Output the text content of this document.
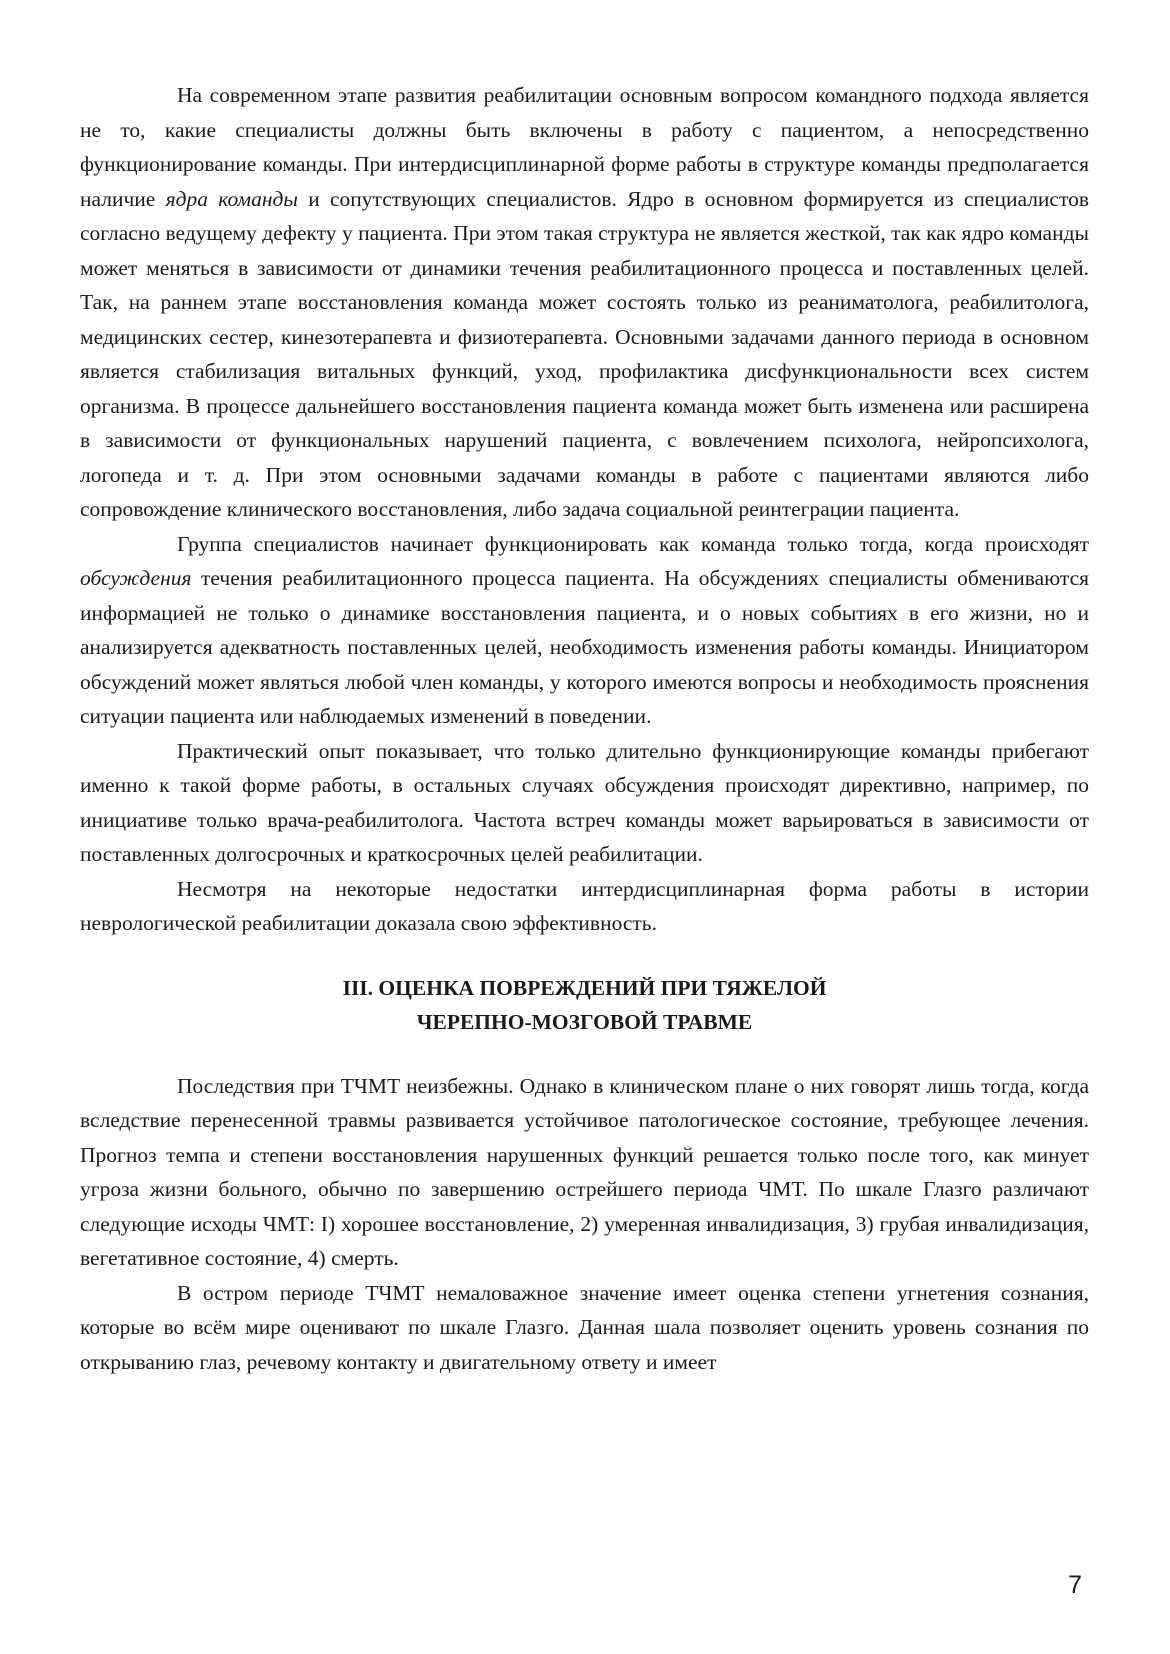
На современном этапе развития реабилитации основным вопросом командного подхода является не то, какие специалисты должны быть включены в работу с пациентом, а непосредственно функционирование команды. При интердисциплинарной форме работы в структуре команды предполагается наличие ядра команды и сопутствующих специалистов. Ядро в основном формируется из специалистов согласно ведущему дефекту у пациента. При этом такая структура не является жесткой, так как ядро команды может меняться в зависимости от динамики течения реабилитационного процесса и поставленных целей. Так, на раннем этапе восстановления команда может состоять только из реаниматолога, реабилитолога, медицинских сестер, кинезотерапевта и физиотерапевта. Основными задачами данного периода в основном является стабилизация витальных функций, уход, профилактика дисфункциональности всех систем организма. В процессе дальнейшего восстановления пациента команда может быть изменена или расширена в зависимости от функциональных нарушений пациента, с вовлечением психолога, нейропсихолога, логопеда и т. д. При этом основными задачами команды в работе с пациентами являются либо сопровождение клинического восстановления, либо задача социальной реинтеграции пациента.

Группа специалистов начинает функционировать как команда только тогда, когда происходят обсуждения течения реабилитационного процесса пациента. На обсуждениях специалисты обмениваются информацией не только о динамике восстановления пациента, и о новых событиях в его жизни, но и анализируется адекватность поставленных целей, необходимость изменения работы команды. Инициатором обсуждений может являться любой член команды, у которого имеются вопросы и необходимость прояснения ситуации пациента или наблюдаемых изменений в поведении.

Практический опыт показывает, что только длительно функционирующие команды прибегают именно к такой форме работы, в остальных случаях обсуждения происходят директивно, например, по инициативе только врача-реабилитолога. Частота встреч команды может варьироваться в зависимости от поставленных долгосрочных и краткосрочных целей реабилитации.

Несмотря на некоторые недостатки интердисциплинарная форма работы в истории неврологической реабилитации доказала свою эффективность.

III. ОЦЕНКА ПОВРЕЖДЕНИЙ ПРИ ТЯЖЕЛОЙ
ЧЕРЕПНО-МОЗГОВОЙ ТРАВМЕ

Последствия при ТЧМТ неизбежны. Однако в клиническом плане о них говорят лишь тогда, когда вследствие перенесенной травмы развивается устойчивое патологическое состояние, требующее лечения. Прогноз темпа и степени восстановления нарушенных функций решается только после того, как минует угроза жизни больного, обычно по завершению острейшего периода ЧМТ. По шкале Глазго различают следующие исходы ЧМТ: I) хорошее восстановление, 2) умеренная инвалидизация, 3) грубая инвалидизация, вегетативное состояние, 4) смерть.

В остром периоде ТЧМТ немаловажное значение имеет оценка степени угнетения сознания, которые во всём мире оценивают по шкале Глазго. Данная шала позволяет оценить уровень сознания по открыванию глаз, речевому контакту и двигательному ответу и имеет

7
